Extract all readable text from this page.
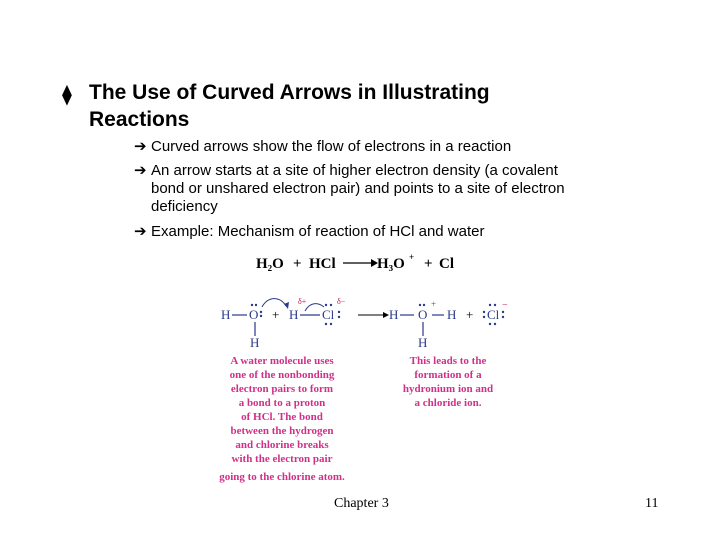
⧫ The Use of Curved Arrows in Illustrating
Reactions
➔ Curved arrows show the flow of electrons in a reaction
➔ An arrow starts at a site of higher electron density (a covalent
bond or unshared electron pair) and points to a site of electron
deficiency
➔ Example: Mechanism of reaction of HCl and water
H₂O + HCl	H₃O + + Cl
H O
H
+ H
δ+
Cl
δ−
H O
+
H
H
+ Cl
−
A water molecule uses
one of the nonbonding
electron pairs to form
a bond to a proton
of HCl. The bond
between the hydrogen
and chlorine breaks
with the electron pair
going to the chlorine atom.
This leads to the
formation of a
hydronium ion and
a chloride ion.
Chapter 3	11
